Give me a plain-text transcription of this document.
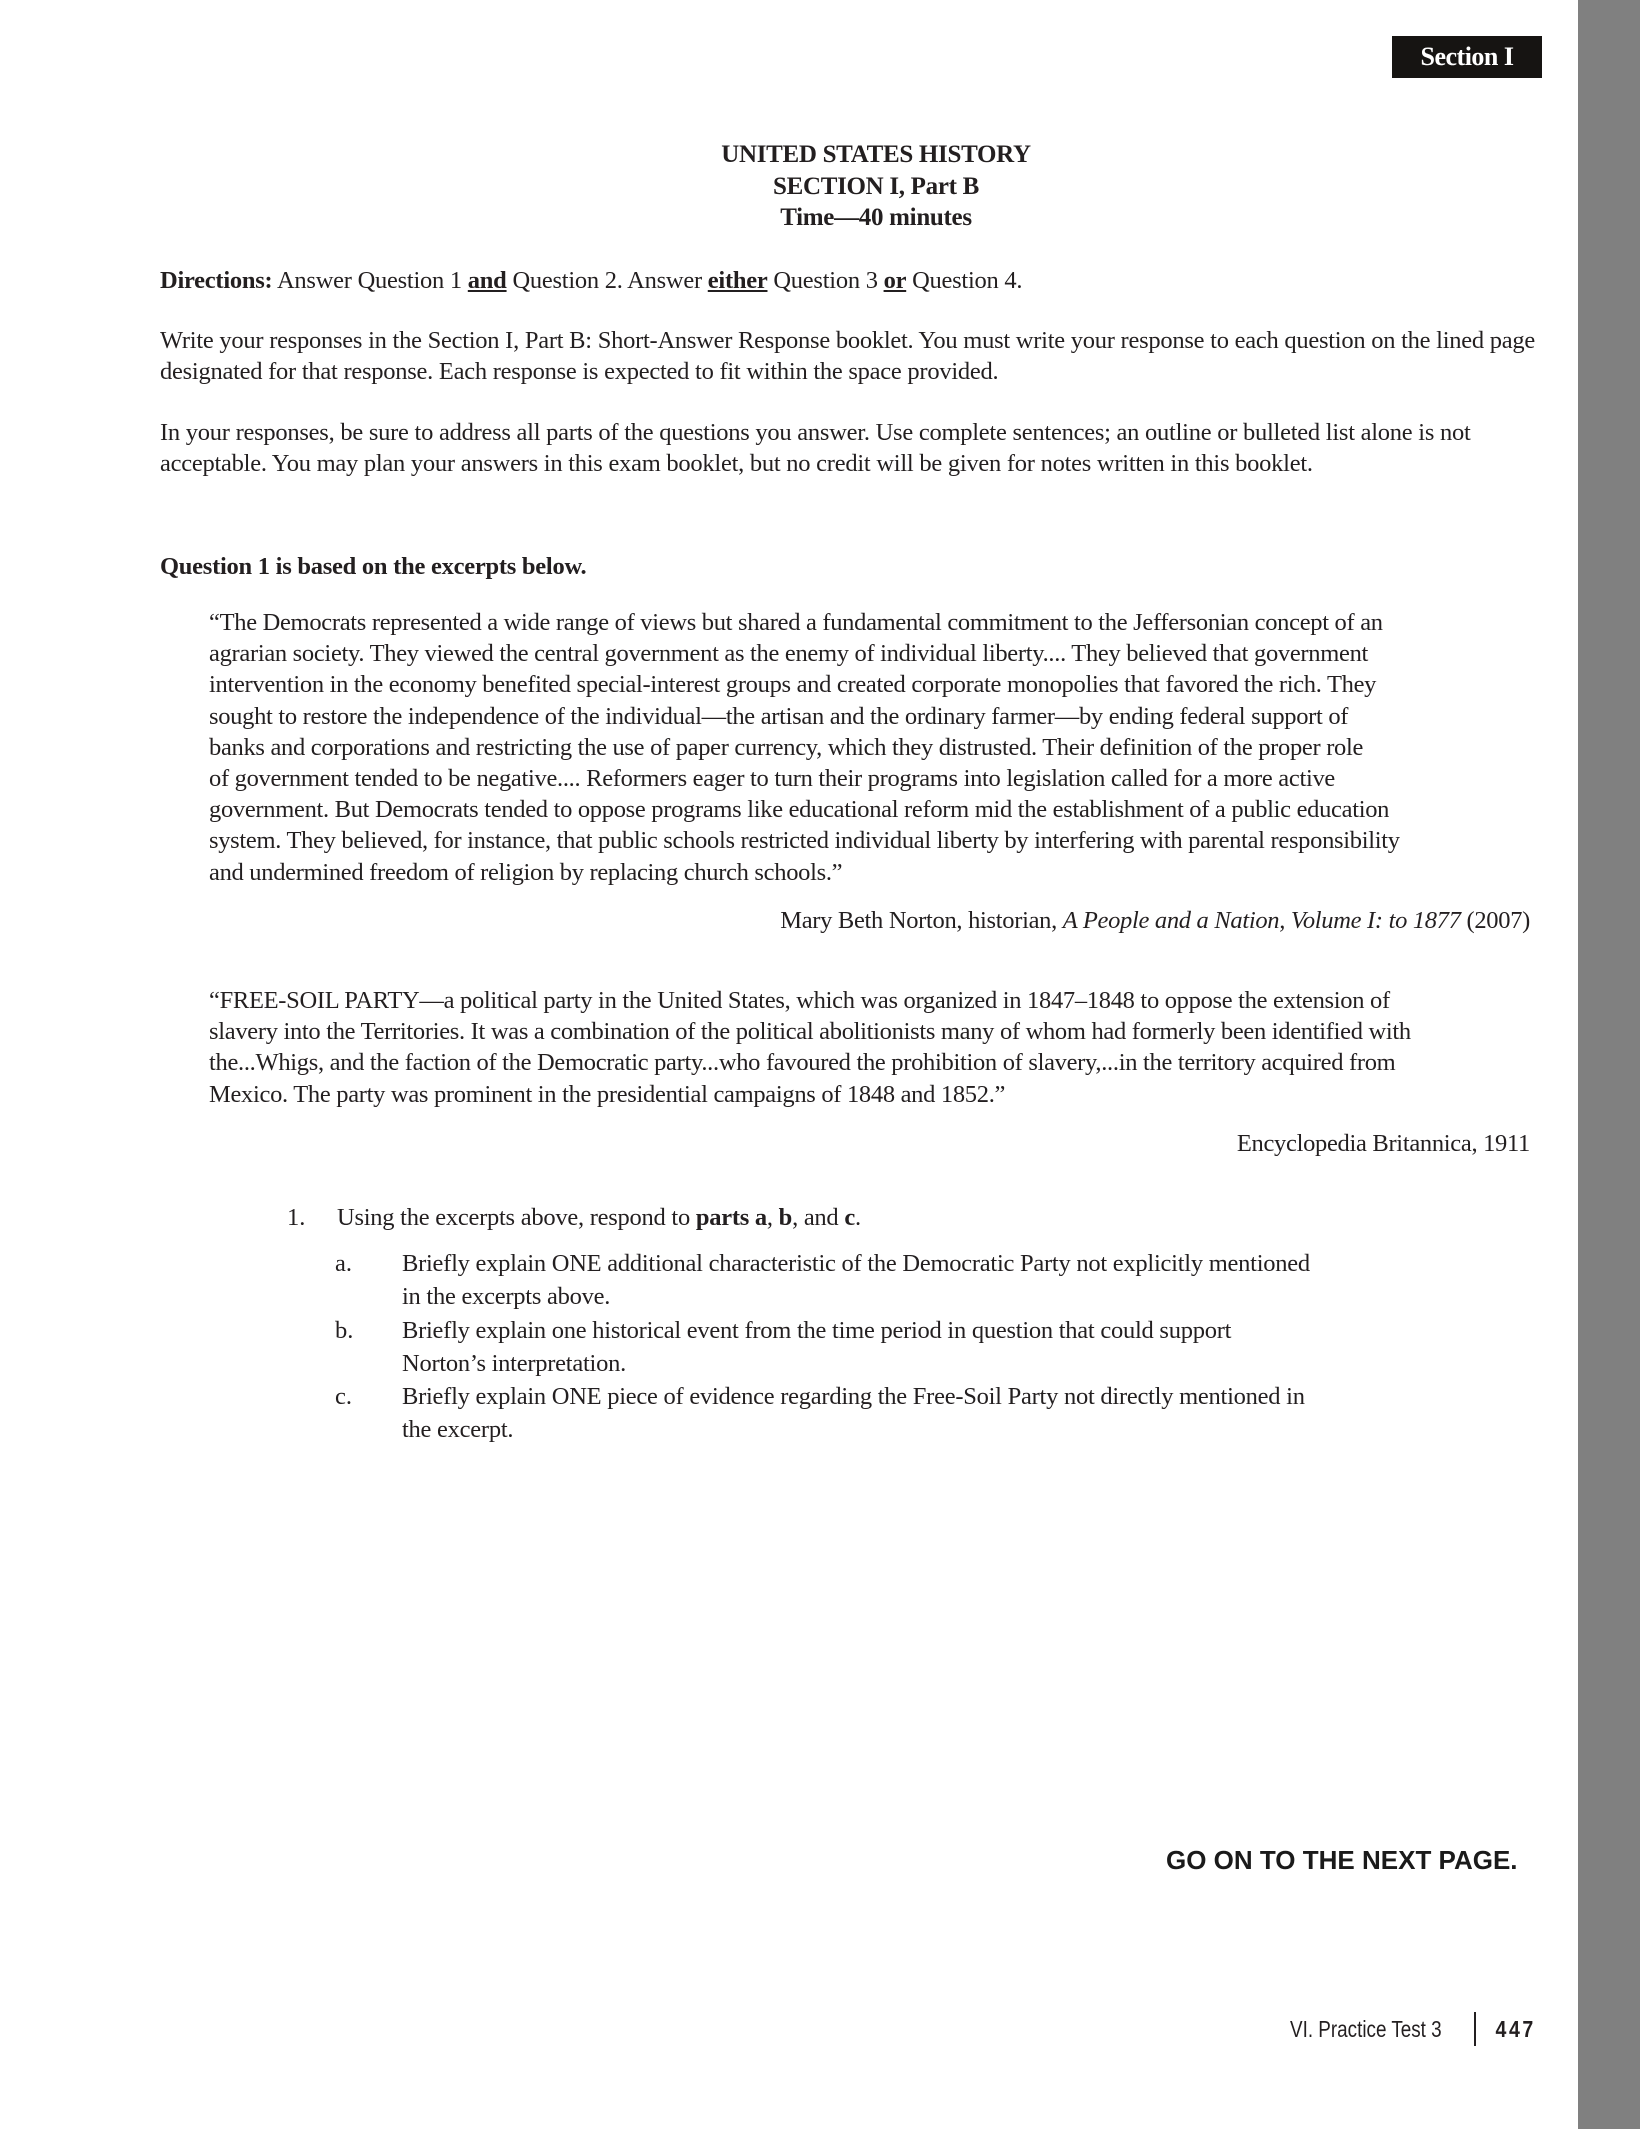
Section I
UNITED STATES HISTORY
SECTION I, Part B
Time—40 minutes
Directions: Answer Question 1 and Question 2. Answer either Question 3 or Question 4.
Write your responses in the Section I, Part B: Short-Answer Response booklet. You must write your response to each question on the lined page designated for that response. Each response is expected to fit within the space provided.
In your responses, be sure to address all parts of the questions you answer. Use complete sentences; an outline or bulleted list alone is not acceptable. You may plan your answers in this exam booklet, but no credit will be given for notes written in this booklet.
Question 1 is based on the excerpts below.
“The Democrats represented a wide range of views but shared a fundamental commitment to the Jeffersonian concept of an
agrarian society. They viewed the central government as the enemy of individual liberty.... They believed that government
intervention in the economy benefited special-interest groups and created corporate monopolies that favored the rich. They
sought to restore the independence of the individual—the artisan and the ordinary farmer—by ending federal support of
banks and corporations and restricting the use of paper currency, which they distrusted. Their definition of the proper role
of government tended to be negative.... Reformers eager to turn their programs into legislation called for a more active
government. But Democrats tended to oppose programs like educational reform mid the establishment of a public education
system. They believed, for instance, that public schools restricted individual liberty by interfering with parental responsibility
and undermined freedom of religion by replacing church schools.”
Mary Beth Norton, historian, A People and a Nation, Volume I: to 1877 (2007)
“FREE-SOIL PARTY—a political party in the United States, which was organized in 1847–1848 to oppose the extension of
slavery into the Territories. It was a combination of the political abolitionists many of whom had formerly been identified with
the...Whigs, and the faction of the Democratic party...who favoured the prohibition of slavery,...in the territory acquired from
Mexico. The party was prominent in the presidential campaigns of 1848 and 1852.”
Encyclopedia Britannica, 1911
1. Using the excerpts above, respond to parts a, b, and c.
a.	Briefly explain ONE additional characteristic of the Democratic Party not explicitly mentioned
in the excerpts above.
b.	Briefly explain one historical event from the time period in question that could support
Norton’s interpretation.
c.	Briefly explain ONE piece of evidence regarding the Free-Soil Party not directly mentioned in
the excerpt.
GO ON TO THE NEXT PAGE.
VI. Practice Test 3 447
